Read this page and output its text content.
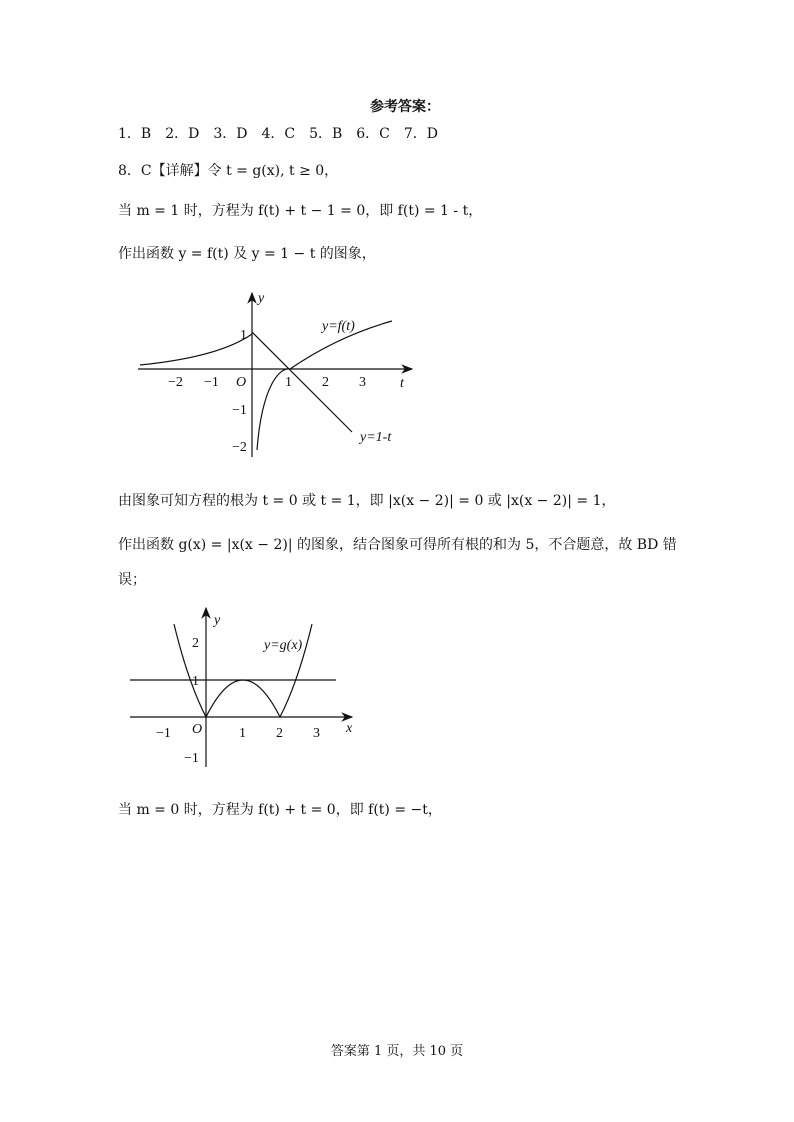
参考答案：
1．B　2．D　3．D　4．C　5．B　6．C　7．D
8．C【详解】令 t = g(x), t ≥ 0，
当 m = 1 时，方程为 f(t) + t − 1 = 0，即 f(t) = 1 - t，
作出函数 y = f(t) 及 y = 1 − t 的图象，
−2 −1 O	1 2 3 t
y
1
−1
−2
y=f(t)
y=1-t
由图象可知方程的根为 t = 0 或 t = 1，即 |x(x − 2)| = 0 或 |x(x − 2)| = 1，
作出函数 g(x) = |x(x − 2)| 的图象，结合图象可得所有根的和为 5，不合题意，故 BD 错
误；
−1 O	1 2 3 x
y
2
1
−1
y=g(x)
当 m = 0 时，方程为 f(t) + t = 0，即 f(t) = −t，
答案第 1 页，共 10 页
